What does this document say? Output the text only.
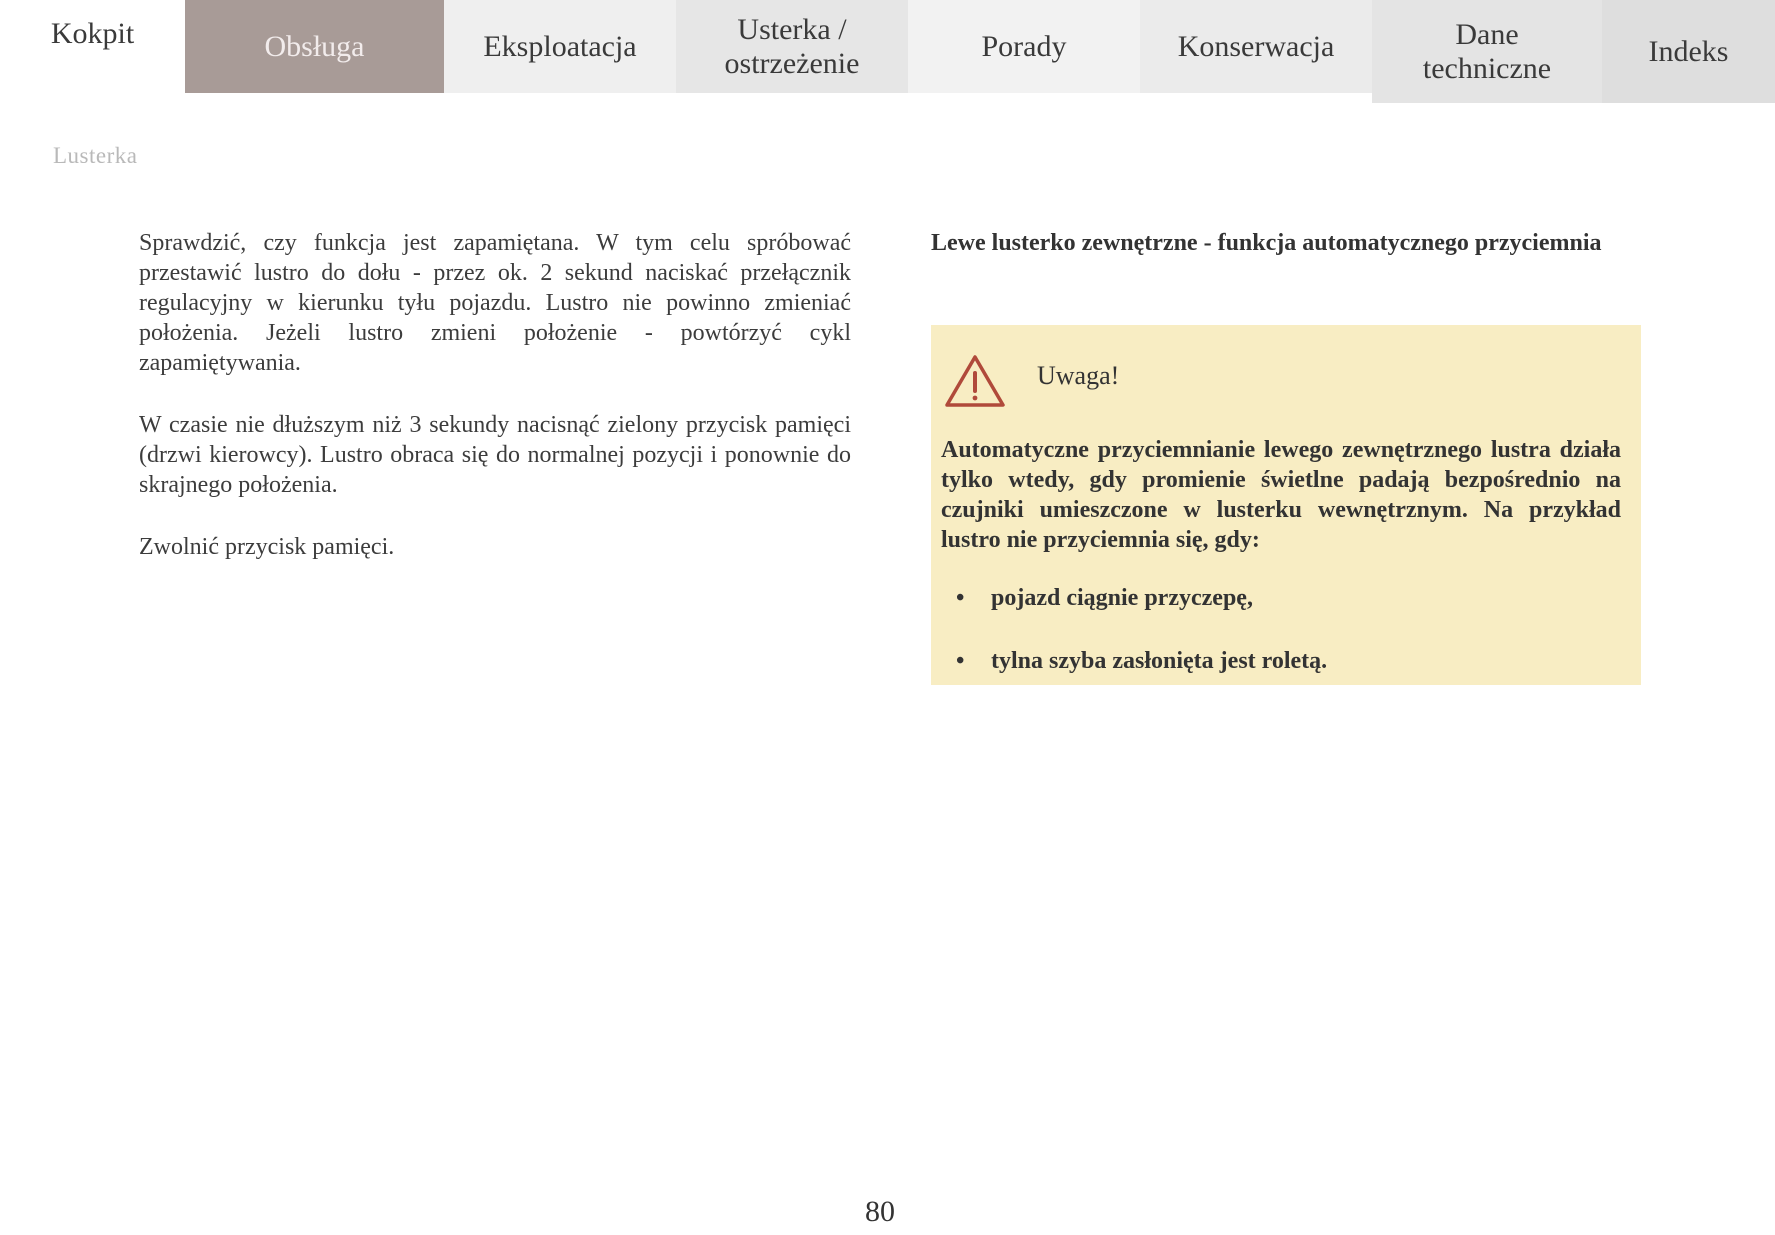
Kokpit	Obsługa	Eksploatacja
Usterka /
ostrzeżenie
Porady	Konserwacja	Dane
techniczne
Indeks
Lusterka

Sprawdzić, czy funkcja jest zapamiętana. W tym celu spróbować przestawić lustro do dołu - przez ok. 2 sekund naciskać przełącznik regulacyjny w kierunku tyłu pojazdu. Lustro nie powinno zmieniać położenia. Jeżeli lustro zmieni położenie - powtórzyć cykl zapamiętywania.

W czasie nie dłuższym niż 3 sekundy nacisnąć zielony przycisk pamięci (drzwi kierowcy). Lustro obraca się do normalnej pozycji i ponownie do skrajnego położenia.

Zwolnić przycisk pamięci.

Lewe lusterko zewnętrzne - funkcja automatycznego przyciemnia
Uwaga!
Automatyczne przyciemnianie lewego zewnętrznego lustra działa tylko wtedy, gdy promienie świetlne padają bezpośrednio na czujniki umieszczone w lusterku wewnętrznym. Na przykład lustro nie przyciemnia się, gdy:
• pojazd ciągnie przyczepę,
• tylna szyba zasłonięta jest roletą.
80
